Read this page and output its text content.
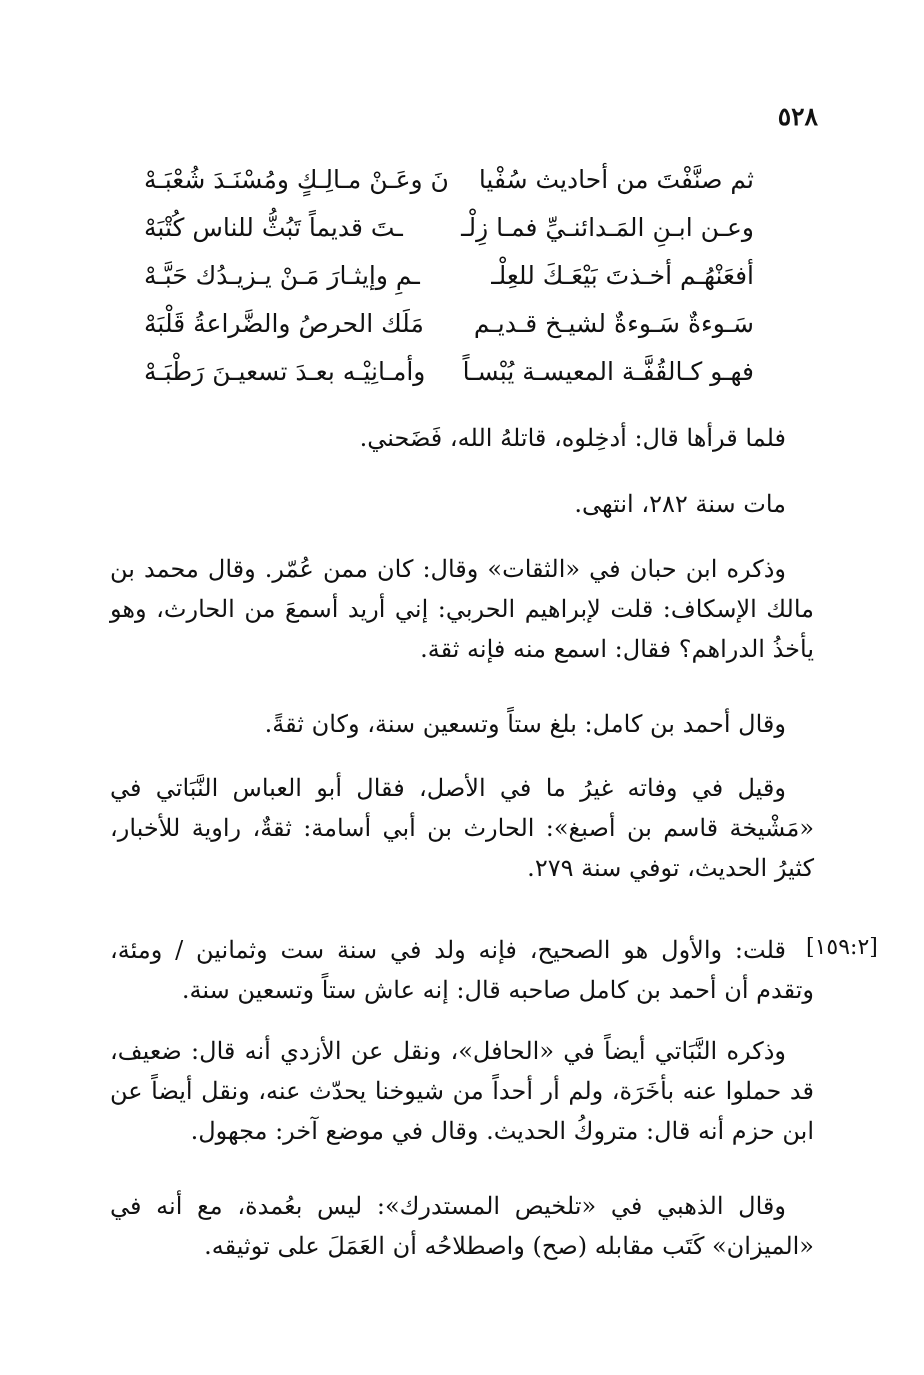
٥٢٨
ثم صنَّفْتَ من أحاديث سُفْيا
نَ وعَـنْ مـالِـكٍ ومُسْنَـدَ شُعْبَـهْ
وعـن ابـنِ المَـدائنـيِّ فمـا زِلْـ
ـتَ قديماً تَبُثُّ للناس كُتْبَهْ
أفعَنْهُـم أخـذتَ بَيْعَـكَ للعِلْـ
ـمِ وإيثـارَ مَـنْ يـزيـدُك حَبَّـهْ
سَـوءةٌ سَـوءةٌ لشيـخ قـديـم
مَلَك الحرصُ والضَّراعةُ قَلْبَهْ
فهـو كـالقُفَّـة المعيسـة يُبْسـاً
وأمـانِيْـه بعـدَ تسعيـنَ رَطْبَـهْ

فلما قرأها قال: أدخِلوه، قاتلهُ الله، فَضَحني.

مات سنة ٢٨٢، انتهى.

وذكره ابن حبان في «الثقات» وقال: كان ممن عُمّر. وقال محمد بن مالك الإسكاف: قلت لإبراهيم الحربي: إني أريد أسمعَ من الحارث، وهو يأخذُ الدراهم؟ فقال: اسمع منه فإنه ثقة.

وقال أحمد بن كامل: بلغ ستاً وتسعين سنة، وكان ثقةً.

وقيل في وفاته غيرُ ما في الأصل، فقال أبو العباس النَّبَاتي في «مَشْيخة قاسم بن أصبغ»: الحارث بن أبي أسامة: ثقةٌ، راوية للأخبار، كثيرُ الحديث، توفي سنة ٢٧٩.

[١٥٩:٢]

قلت: والأول هو الصحيح، فإنه ولد في سنة ست وثمانين / ومئة، وتقدم أن أحمد بن كامل صاحبه قال: إنه عاش ستاً وتسعين سنة.

وذكره النَّبَاتي أيضاً في «الحافل»، ونقل عن الأزدي أنه قال: ضعيف، قد حملوا عنه بأخَرَة، ولم أر أحداً من شيوخنا يحدّث عنه، ونقل أيضاً عن ابن حزم أنه قال: متروكُ الحديث. وقال في موضع آخر: مجهول.

وقال الذهبي في «تلخيص المستدرك»: ليس بعُمدة، مع أنه في «الميزان» كَتَب مقابله (صح) واصطلاحُه أن العَمَلَ على توثيقه.
